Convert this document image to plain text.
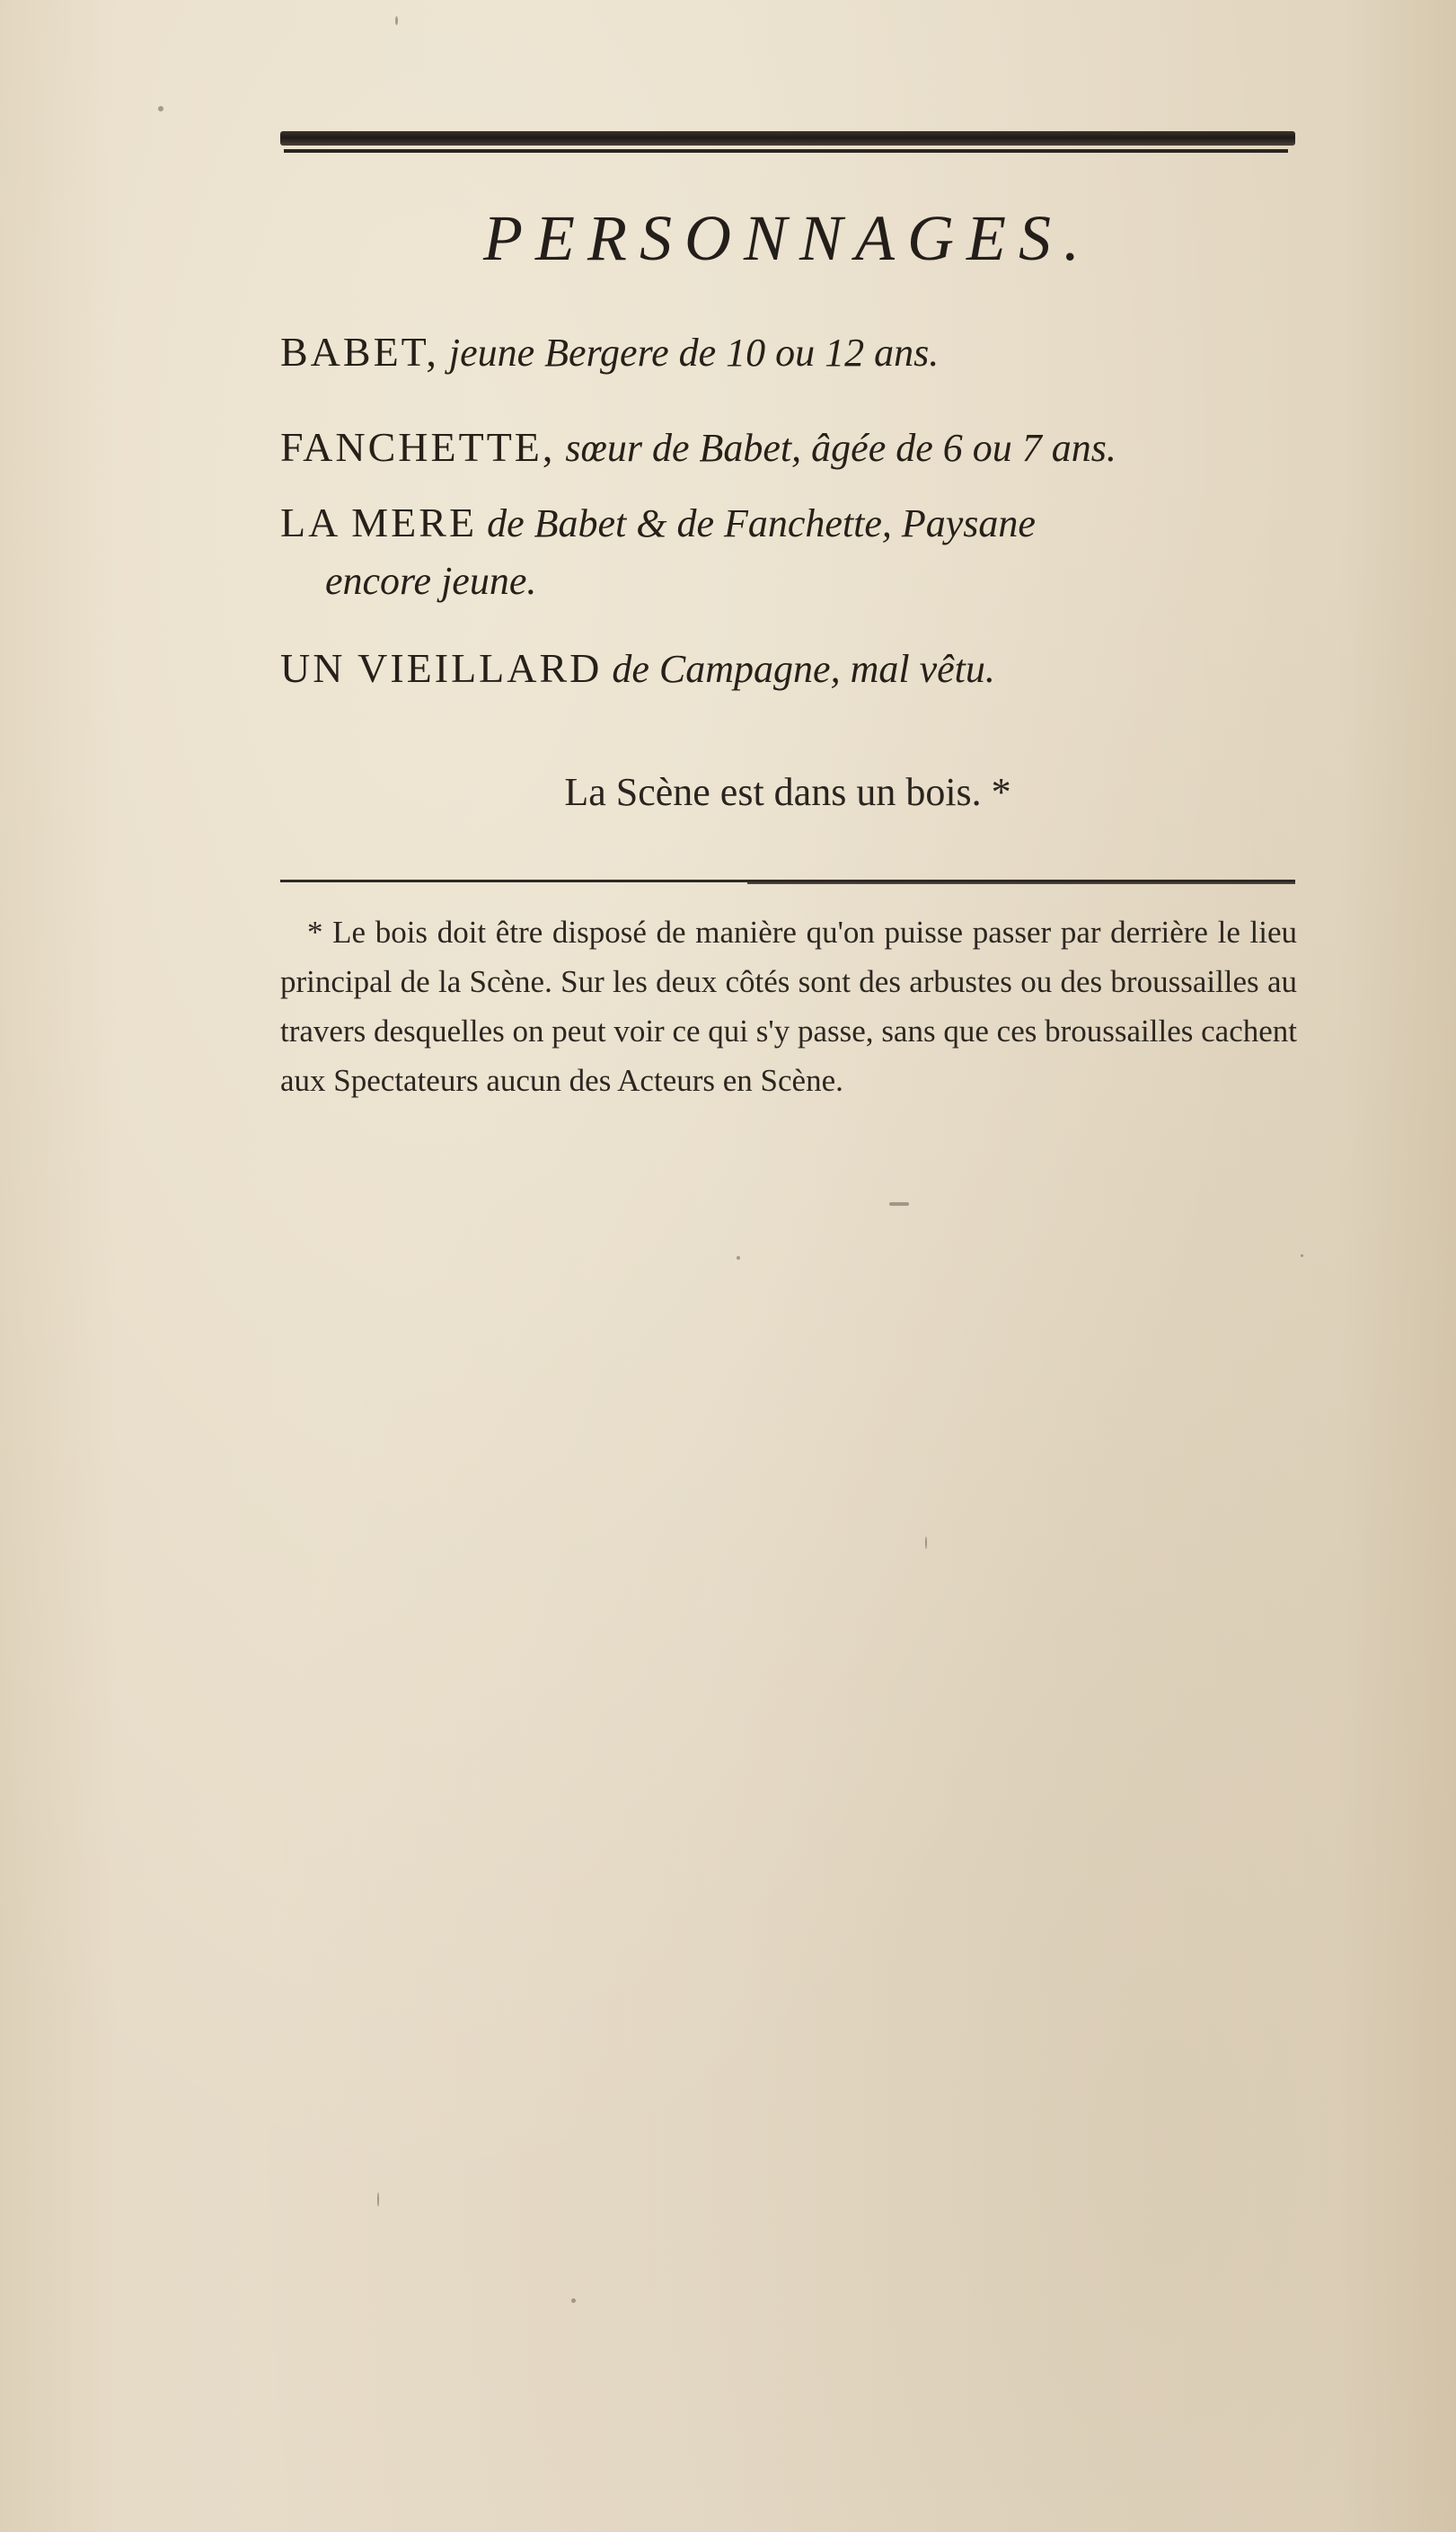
PERSONNAGES.
BABET, jeune Bergere de 10 ou 12 ans.
FANCHETTE, sœur de Babet, âgée de 6 ou 7 ans.
LA MERE de Babet & de Fanchette, Paysane
encore jeune.
UN VIEILLARD de Campagne, mal vêtu.
La Scène est dans un bois. *

* Le bois doit être disposé de manière qu'on puisse passer par derrière le lieu principal de la Scène. Sur les deux côtés sont des arbustes ou des broussailles au travers desquelles on peut voir ce qui s'y passe, sans que ces broussailles cachent aux Spectateurs aucun des Acteurs en Scène.
